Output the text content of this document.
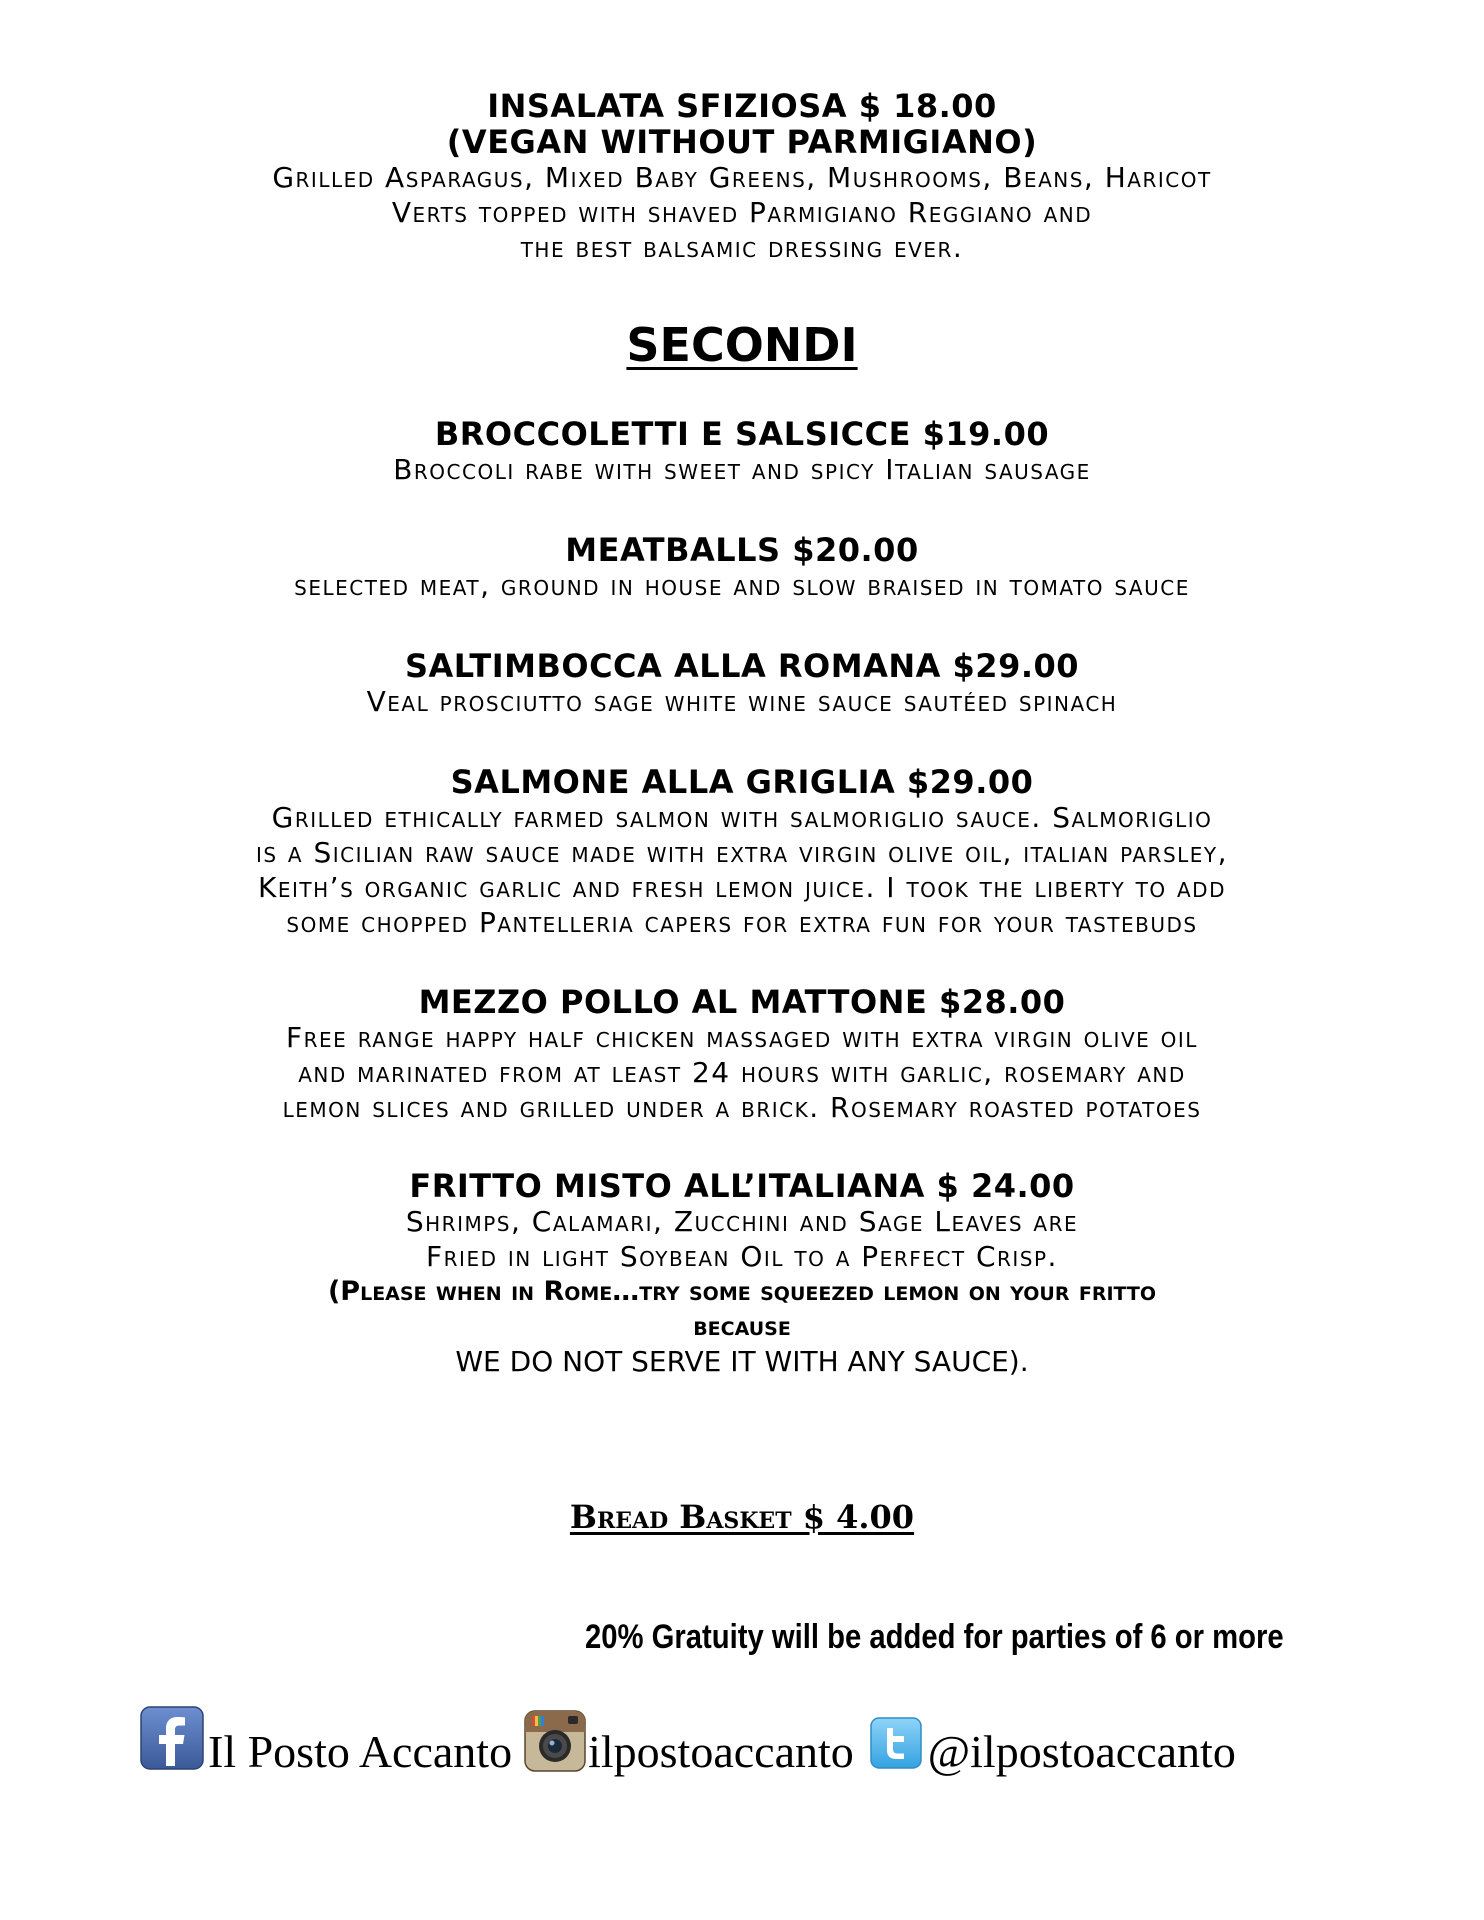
INSALATA SFIZIOSA $ 18.00

(VEGAN WITHOUT PARMIGIANO)

Grilled Asparagus, Mixed Baby Greens, Mushrooms, Beans, Haricot

Verts topped with shaved Parmigiano Reggiano and

the best balsamic dressing ever.

SECONDI

BROCCOLETTI E SALSICCE $19.00

Broccoli rabe with sweet and spicy Italian sausage

MEATBALLS $20.00

selected meat, ground in house and slow braised in tomato sauce

SALTIMBOCCA ALLA ROMANA $29.00

Veal prosciutto sage white wine sauce sautéed spinach

SALMONE ALLA GRIGLIA $29.00

Grilled ethically farmed salmon with salmoriglio sauce. Salmoriglio

is a Sicilian raw sauce made with extra virgin olive oil, italian parsley,

Keith’s organic garlic and fresh lemon juice. I took the liberty to add

some chopped Pantelleria capers for extra fun for your tastebuds

MEZZO POLLO AL MATTONE $28.00

Free range happy half chicken massaged with extra virgin olive oil

and marinated from at least 24 hours with garlic, rosemary and

lemon slices and grilled under a brick. Rosemary roasted potatoes

FRITTO MISTO ALL’ITALIANA $ 24.00

Shrimps, Calamari, Zucchini and Sage Leaves are

Fried in light Soybean Oil to a Perfect Crisp.

(Please when in Rome…try some squeezed lemon on your fritto

because

WE DO NOT SERVE IT WITH ANY SAUCE).

Bread Basket $ 4.00

20% Gratuity will be added for parties of 6 or more
Il Posto Accanto ilpostoaccanto @ilpostoaccanto
